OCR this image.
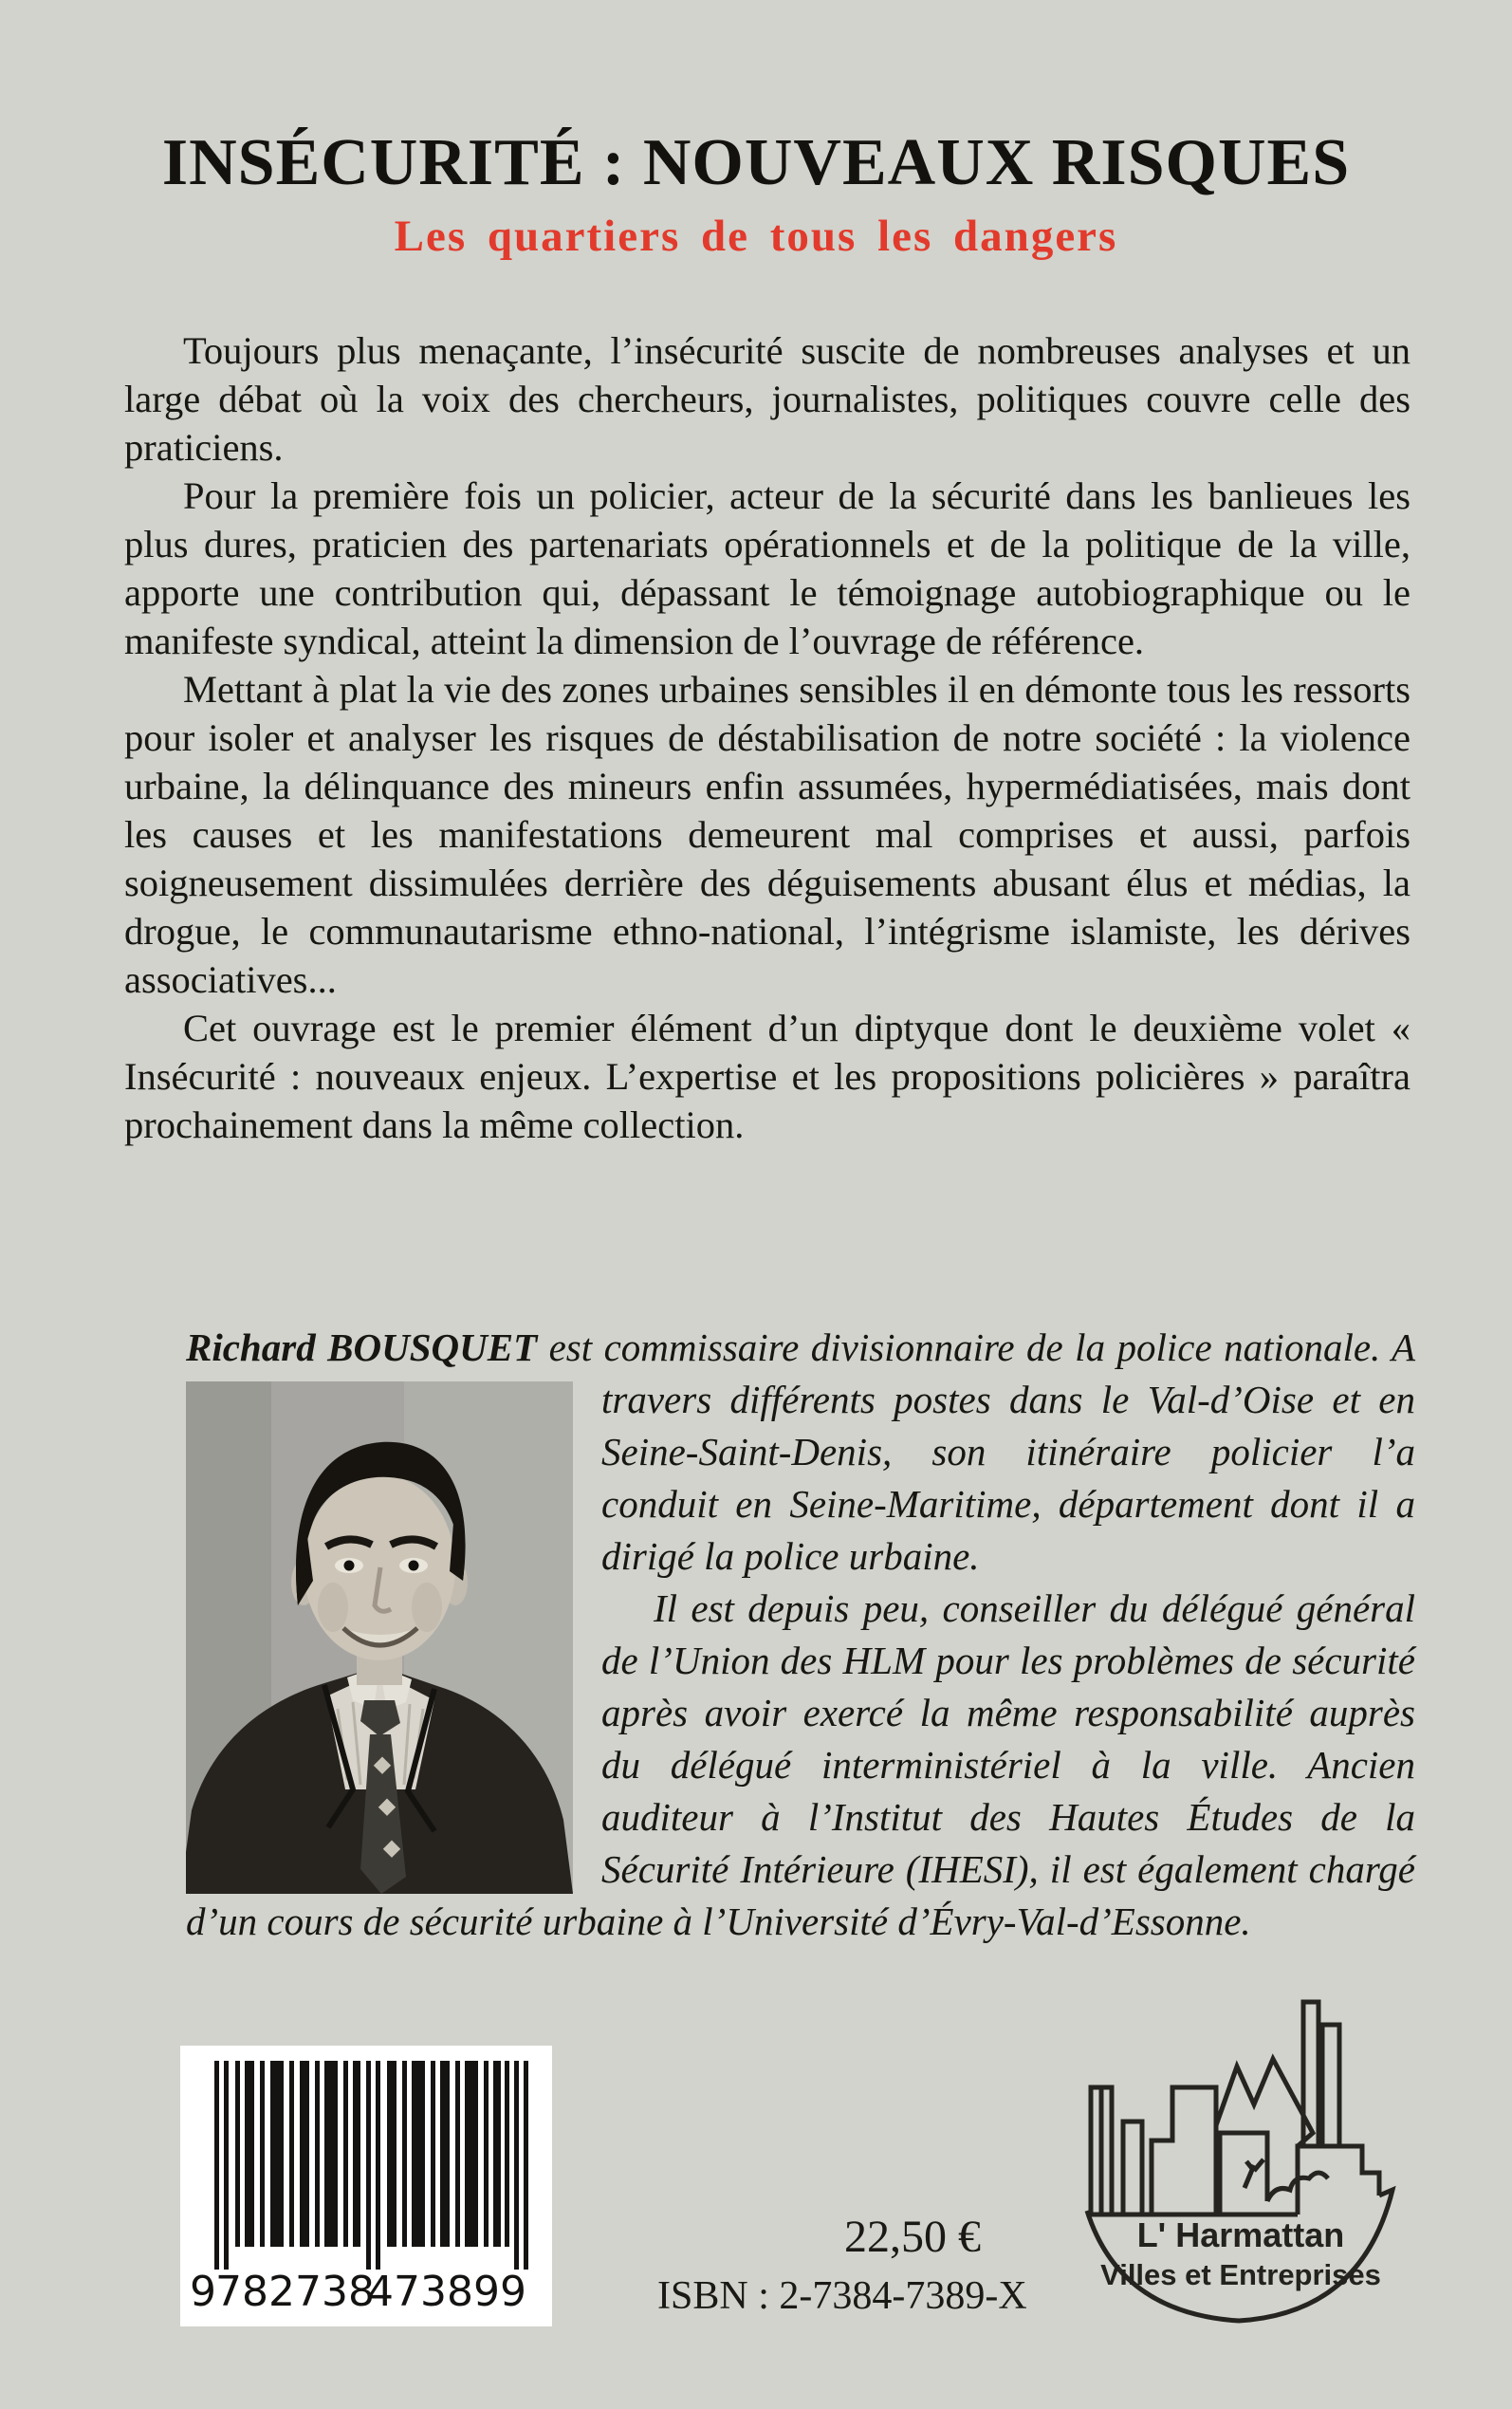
INSÉCURITÉ : NOUVEAUX RISQUES
Les quartiers de tous les dangers

Toujours plus menaçante, l’insécurité suscite de nombreuses analyses et un large débat où la voix des chercheurs, journalistes, politiques couvre celle des praticiens.

Pour la première fois un policier, acteur de la sécurité dans les banlieues les plus dures, praticien des partenariats opérationnels et de la politique de la ville, apporte une contribution qui, dépassant le témoignage autobiographique ou le manifeste syndical, atteint la dimension de l’ouvrage de référence.

Mettant à plat la vie des zones urbaines sensibles il en démonte tous les ressorts pour isoler et analyser les risques de déstabilisation de notre société : la violence urbaine, la délinquance des mineurs enfin assumées, hypermédiatisées, mais dont les causes et les manifestations demeurent mal comprises et aussi, parfois soigneusement dissimulées derrière des déguisements abusant élus et médias, la drogue, le communautarisme ethno-national, l’intégrisme islamiste, les dérives associatives...

Cet ouvrage est le premier élément d’un diptyque dont le deuxième volet « Insécurité : nouveaux enjeux. L’expertise et les propositions policières » paraîtra prochainement dans la même collection.

Richard BOUSQUET est commissaire divisionnaire de la police nationale. A travers différents postes dans le Val-d’Oise et en Seine-Saint-Denis, son itinéraire policier l’a conduit en Seine-Maritime, département dont il a dirigé la police urbaine.

Il est depuis peu, conseiller du délégué général de l’Union des HLM pour les problèmes de sécurité après avoir exercé la même responsabilité auprès du délégué interministériel à la ville. Ancien auditeur à l’Institut des Hautes Études de la Sécurité Intérieure (IHESI), il est également chargé d’un cours de sécurité urbaine à l’Université d’Évry-Val-d’Essonne.

9 782738
473899
22,50 €
ISBN : 2-7384-7389-X
L' Harmattan
Villes et Entreprises
